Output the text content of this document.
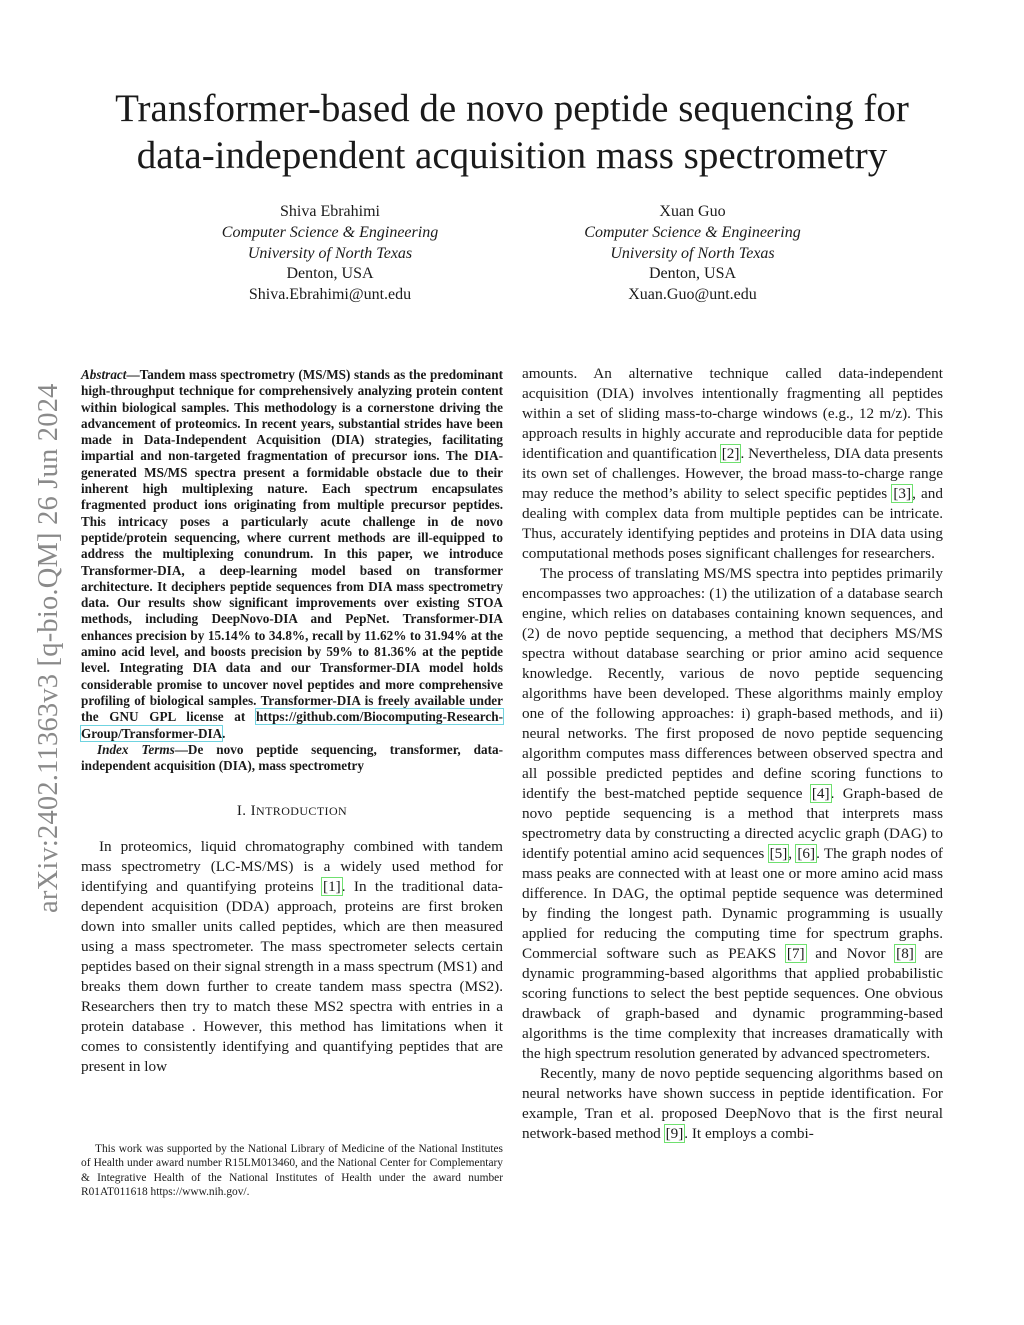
arXiv:2402.11363v3 [q-bio.QM] 26 Jun 2024
Transformer-based de novo peptide sequencing for
data-independent acquisition mass spectrometry
Shiva Ebrahimi
Computer Science & Engineering
University of North Texas
Denton, USA
Shiva.Ebrahimi@unt.edu
Xuan Guo
Computer Science & Engineering
University of North Texas
Denton, USA
Xuan.Guo@unt.edu

Abstract—Tandem mass spectrometry (MS/MS) stands as the predominant high-throughput technique for comprehensively analyzing protein content within biological samples. This methodology is a cornerstone driving the advancement of proteomics. In recent years, substantial strides have been made in Data-Independent Acquisition (DIA) strategies, facilitating impartial and non-targeted fragmentation of precursor ions. The DIA-generated MS/MS spectra present a formidable obstacle due to their inherent high multiplexing nature. Each spectrum encapsulates fragmented product ions originating from multiple precursor peptides. This intricacy poses a particularly acute challenge in de novo peptide/protein sequencing, where current methods are ill-equipped to address the multiplexing conundrum. In this paper, we introduce Transformer-DIA, a deep-learning model based on transformer architecture. It deciphers peptide sequences from DIA mass spectrometry data. Our results show significant improvements over existing STOA methods, including DeepNovo-DIA and PepNet. Transformer-DIA enhances precision by 15.14% to 34.8%, recall by 11.62% to 31.94% at the amino acid level, and boosts precision by 59% to 81.36% at the peptide level. Integrating DIA data and our Transformer-DIA model holds considerable promise to uncover novel peptides and more comprehensive profiling of biological samples. Transformer-DIA is freely available under the GNU GPL license at https://github.com/Biocomputing-Research-Group/Transformer-DIA.

Index Terms—De novo peptide sequencing, transformer, data-independent acquisition (DIA), mass spectrometry

I. INTRODUCTION

In proteomics, liquid chromatography combined with tandem mass spectrometry (LC-MS/MS) is a widely used method for identifying and quantifying proteins [1]. In the traditional data-dependent acquisition (DDA) approach, proteins are first broken down into smaller units called peptides, which are then measured using a mass spectrometer. The mass spectrometer selects certain peptides based on their signal strength in a mass spectrum (MS1) and breaks them down further to create tandem mass spectra (MS2). Researchers then try to match these MS2 spectra with entries in a protein database . However, this method has limitations when it comes to consistently identifying and quantifying peptides that are present in low

This work was supported by the National Library of Medicine of the National Institutes of Health under award number R15LM013460, and the National Center for Complementary & Integrative Health of the National Institutes of Health under the award number R01AT011618 https://www.nih.gov/.

amounts. An alternative technique called data-independent acquisition (DIA) involves intentionally fragmenting all peptides within a set of sliding mass-to-charge windows (e.g., 12 m/z). This approach results in highly accurate and reproducible data for peptide identification and quantification [2]. Nevertheless, DIA data presents its own set of challenges. However, the broad mass-to-charge range may reduce the method’s ability to select specific peptides [3], and dealing with complex data from multiple peptides can be intricate. Thus, accurately identifying peptides and proteins in DIA data using computational methods poses significant challenges for researchers.

The process of translating MS/MS spectra into peptides primarily encompasses two approaches: (1) the utilization of a database search engine, which relies on databases containing known sequences, and (2) de novo peptide sequencing, a method that deciphers MS/MS spectra without database searching or prior amino acid sequence knowledge. Recently, various de novo peptide sequencing algorithms have been developed. These algorithms mainly employ one of the following approaches: i) graph-based methods, and ii) neural networks. The first proposed de novo peptide sequencing algorithm computes mass differences between observed spectra and all possible predicted peptides and define scoring functions to identify the best-matched peptide sequence [4]. Graph-based de novo peptide sequencing is a method that interprets mass spectrometry data by constructing a directed acyclic graph (DAG) to identify potential amino acid sequences [5], [6]. The graph nodes of mass peaks are connected with at least one or more amino acid mass difference. In DAG, the optimal peptide sequence was determined by finding the longest path. Dynamic programming is usually applied for reducing the computing time for spectrum graphs. Commercial software such as PEAKS [7] and Novor [8] are dynamic programming-based algorithms that applied probabilistic scoring functions to select the best peptide sequences. One obvious drawback of graph-based and dynamic programming-based algorithms is the time complexity that increases dramatically with the high spectrum resolution generated by advanced spectrometers.

Recently, many de novo peptide sequencing algorithms based on neural networks have shown success in peptide identification. For example, Tran et al. proposed DeepNovo that is the first neural network-based method [9]. It employs a combi-
